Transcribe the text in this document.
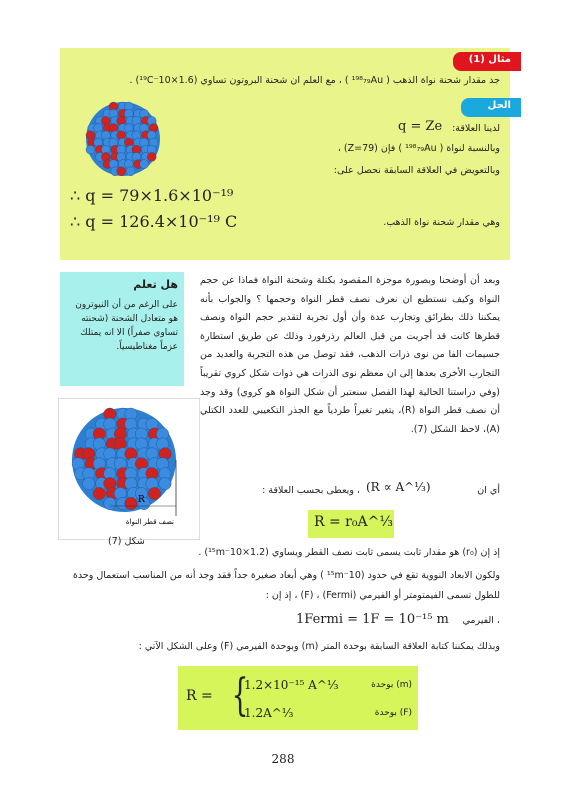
مثال (1)
جد مقدار شحنة نواة الذهب ( ¹⁹⁸₇₉Au ) ، مع العلم ان شحنة البروتون تساوي (1.6×10⁻¹⁹C) .
الحل
لدينا العلاقة:
q = Ze
وبالنسبة لنواة ( ¹⁹⁸₇₉Au ) فإن (Z=79) ،
وبالتعويض في العلاقة السابقة نحصل على:
∴ q = 79×1.6×10⁻¹⁹
∴ q = 126.4×10⁻¹⁹ C	وهي مقدار شحنة نواة الذهب.
هل تعلم
على الرغم من أن النيوترون هو متعادل الشحنة (شحنته تساوي صفراً) الا انه يمتلك عزماً مغناطيسياً.
R
نصف قطر النواة
شكل (7)
وبعد أن أوضحنا وبصورة موجزة المقصود بكتلة وشحنة النواة فماذا عن حجم النواة وكيف نستطيع ان نعرف نصف قطر النواة وحجمها ؟ والجواب بأنه يمكننا ذلك بطرائق وتجارب عدة وأن أول تجربة لتقدير حجم النواة ونصف قطرها كانت قد أجريت من قبل العالم رذرفورد وذلك عن طريق استطارة جسيمات الفا من نوى ذرات الذهب، فقد توصل من هذه التجربة والعديد من التجارب الأخرى بعدها إلى ان معظم نوى الذرات هي ذوات شكل كروي تقريباً (وفي دراستنا الحالية لهذا الفصل سنعتبر أن شكل النواة هو كروي) وقد وجد أن نصف قطر النواة (R)، يتغير تغيراً طردياً مع الجذر التكعيبي للعدد الكتلي (A)، لاحظ الشكل (7).
أي ان
(R ∝ A^⅓)
، ويعطى بحسب العلاقة :
R = r₀A^⅓
إذ إن (r₀) هو مقدار ثابت يسمى ثابت نصف القطر ويساوي (1.2×10⁻¹⁵m) .
ولكون الابعاد النووية تقع في حدود (10⁻¹⁵m ) وهي أبعاد صغيرة جداً فقد وجد أنه من المناسب استعمال وحدة للطول تسمى الفيمتومتر أو الفيرمي (Fermi) ، (F) ، إذ إن :
1Fermi = 1F = 10⁻¹⁵ m	، الفيرمي
وبذلك يمكننا كتابة العلاقة السابقة بوحدة المتر (m) وبوحدة الفيرمي (F) وعلى الشكل الآتي :
R = {
1.2×10⁻¹⁵ A^⅓	(m) بوحدة
1.2A^⅓	(F) بوحدة
288
